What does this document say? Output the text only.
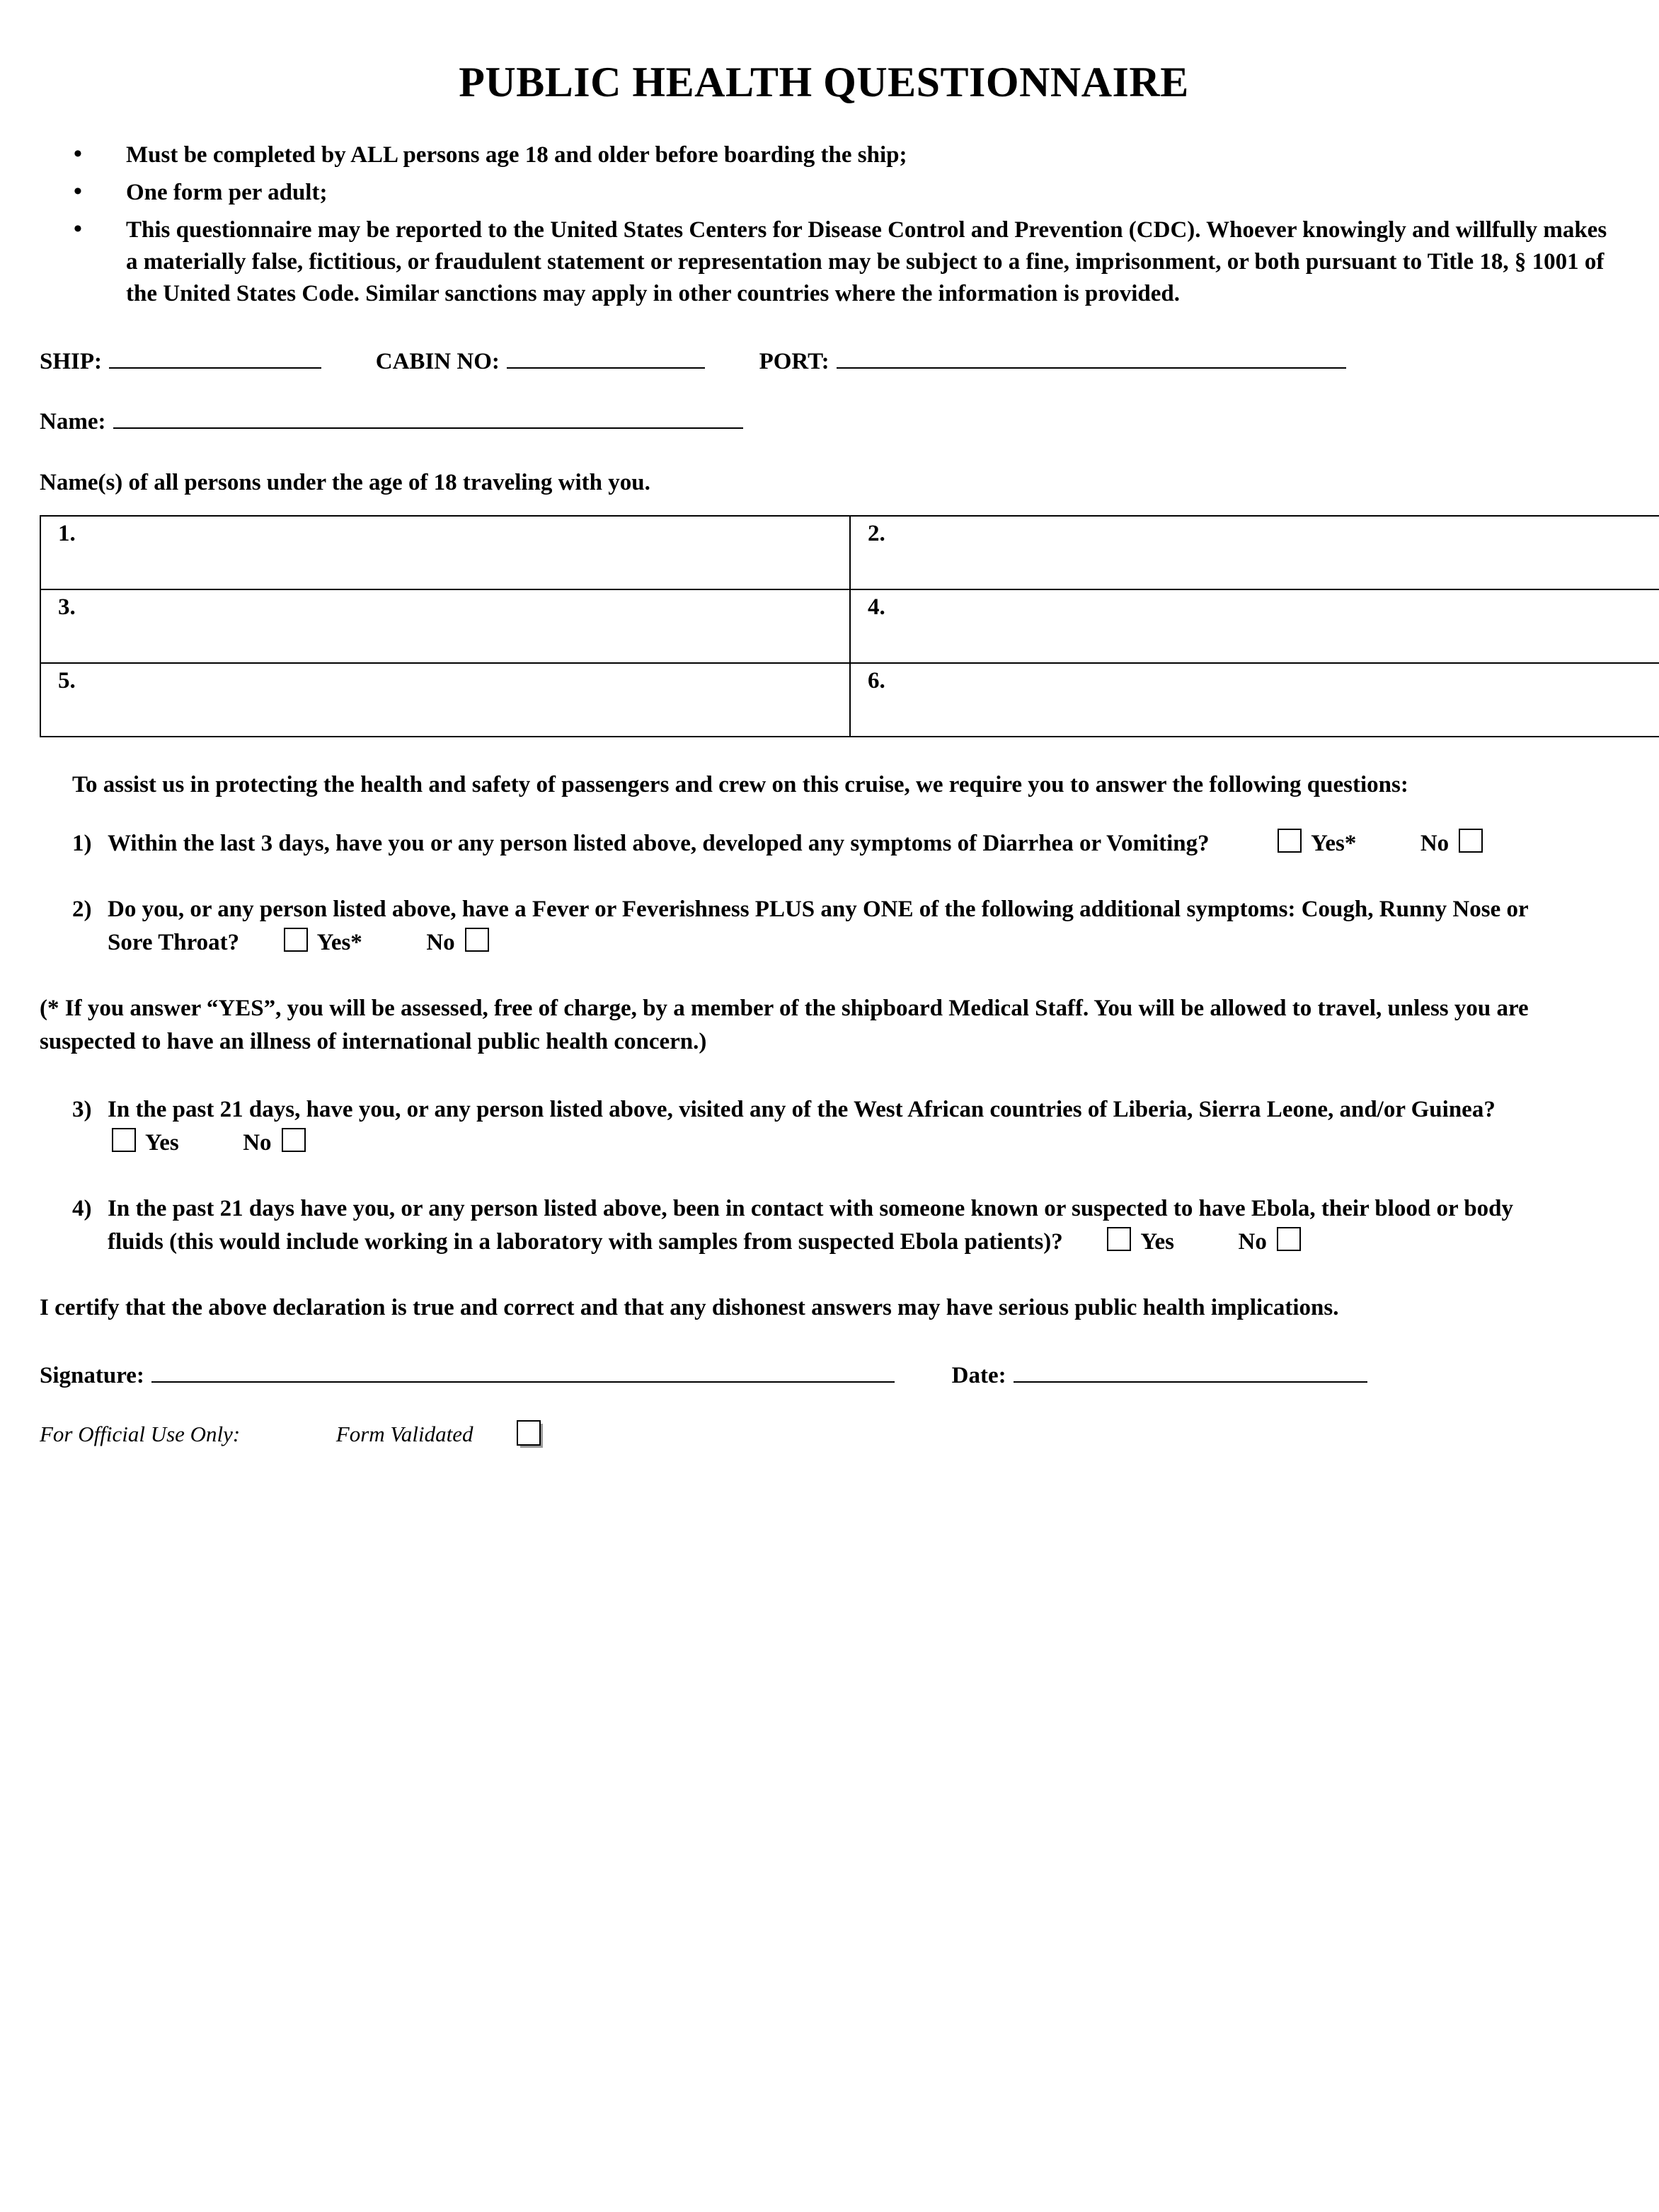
PUBLIC HEALTH QUESTIONNAIRE
• Must be completed by ALL persons age 18 and older before boarding the ship;
• One form per adult;
• This questionnaire may be reported to the United States Centers for Disease Control and Prevention (CDC). Whoever knowingly and willfully makes a materially false, fictitious, or fraudulent statement or representation may be subject to a fine, imprisonment, or both pursuant to Title 18, § 1001 of the United States Code. Similar sanctions may apply in other countries where the information is provided.
SHIP:	CABIN NO:	PORT:
Name:
Name(s) of all persons under the age of 18 traveling with you.
1.	2.
3.	4.
5.	6.
To assist us in protecting the health and safety of passengers and crew on this cruise, we require you to answer the following questions:
1) Within the last 3 days, have you or any person listed above, developed any symptoms of Diarrhea or Vomiting?	Yes*	No
2) Do you, or any person listed above, have a Fever or Feverishness PLUS any ONE of the following additional symptoms: Cough, Runny Nose or Sore Throat?	Yes*	No
(* If you answer “YES”, you will be assessed, free of charge, by a member of the shipboard Medical Staff. You will be allowed to travel, unless you are suspected to have an illness of international public health concern.)
3) In the past 21 days, have you, or any person listed above, visited any of the West African countries of Liberia, Sierra Leone, and/or Guinea?   Yes	No
4) In the past 21 days have you, or any person listed above, been in contact with someone known or suspected to have Ebola, their blood or body fluids (this would include working in a laboratory with samples from suspected Ebola patients)?	Yes	No
I certify that the above declaration is true and correct and that any dishonest answers may have serious public health implications.
Signature:	Date:
For Official Use Only:	Form Validated
